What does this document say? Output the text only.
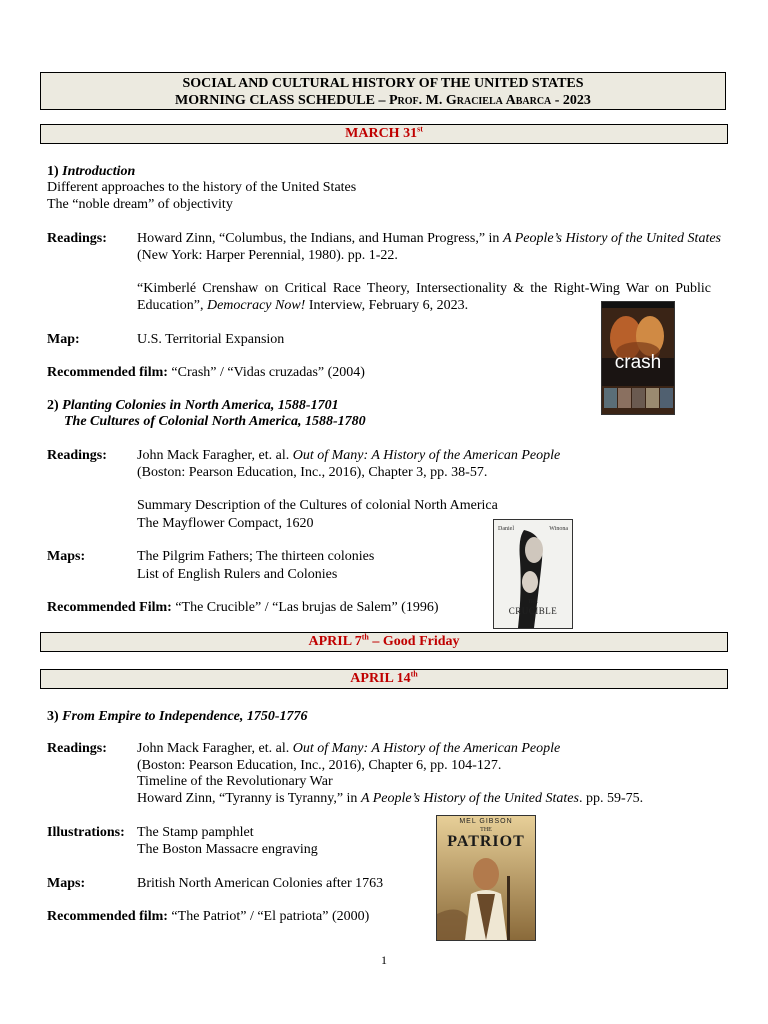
SOCIAL AND CULTURAL HISTORY OF THE UNITED STATES
MORNING CLASS SCHEDULE – Prof. M. Graciela Abarca - 2023
MARCH 31st
1) Introduction
Different approaches to the history of the United States
The “noble dream” of objectivity
Readings: Howard Zinn, “Columbus, the Indians, and Human Progress,” in A People’s History of the United States (New York: Harper Perennial, 1980). pp. 1-22.
“Kimberlé Crenshaw on Critical Race Theory, Intersectionality & the Right-Wing War on Public Education”, Democracy Now! Interview, February 6, 2023.
Map:	U.S. Territorial Expansion
Recommended film: “Crash” / “Vidas cruzadas” (2004)	crash
2) Planting Colonies in North America, 1588-1701
The Cultures of Colonial North America, 1588-1780
Readings: John Mack Faragher, et. al. Out of Many: A History of the American People
(Boston: Pearson Education, Inc., 2016), Chapter 3, pp. 38-57.
Summary Description of the Cultures of colonial North America
The Mayflower Compact, 1620
Maps:	The Pilgrim Fathers; The thirteen colonies
List of English Rulers and Colonies
Recommended Film: “The Crucible” / “Las brujas de Salem” (1996)
Daniel	Winona
THE
CRUCIBLE
APRIL 7th – Good Friday
APRIL 14th
3) From Empire to Independence, 1750-1776
Readings: John Mack Faragher, et. al. Out of Many: A History of the American People
(Boston: Pearson Education, Inc., 2016), Chapter 6, pp. 104-127.
Timeline of the Revolutionary War
Howard Zinn, “Tyranny is Tyranny,” in A People’s History of the United States. pp. 59-75.
Illustrations: The Stamp pamphlet
The Boston Massacre engraving
Maps:	British North American Colonies after 1763
Recommended film: “The Patriot” / “El patriota” (2000)
MEL GIBSON
THE
PATRIOT
1
